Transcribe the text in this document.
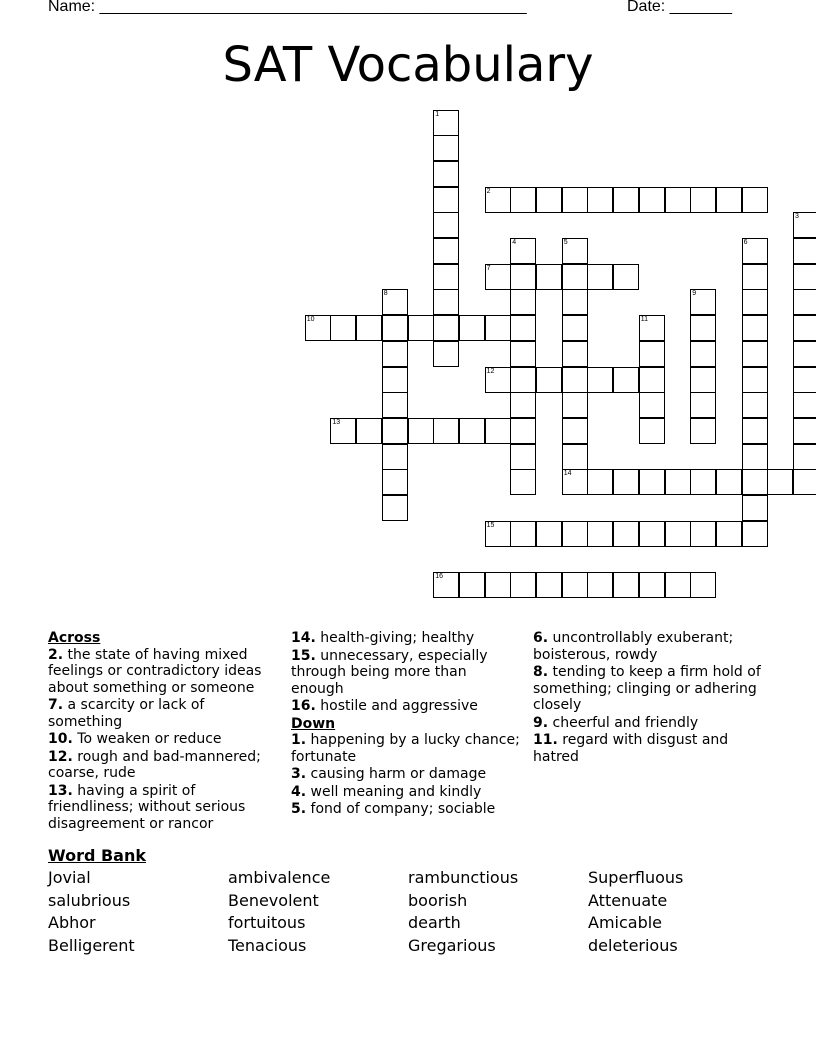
Name: ________________________________________________	Date: _______
SAT Vocabulary
1
2
3
4	5
14
6
7
8	9
10	11
12
13
15
16
Across
2. the state of having mixed feelings or contradictory ideas about something or someone
7. a scarcity or lack of something
10. To weaken or reduce
12. rough and bad-mannered; coarse, rude
13. having a spirit of friendliness; without serious disagreement or rancor
14. health-giving; healthy
15. unnecessary, especially through being more than enough
16. hostile and aggressive
Down
1. happening by a lucky chance; fortunate
3. causing harm or damage
4. well meaning and kindly
5. fond of company; sociable
6. uncontrollably exuberant; boisterous, rowdy
8. tending to keep a firm hold of something; clinging or adhering closely
9. cheerful and friendly
11. regard with disgust and hatred
Word Bank
Jovial	ambivalence	rambunctious	Superfluous
salubrious	Benevolent	boorish	Attenuate
Abhor	fortuitous	dearth	Amicable
Belligerent	Tenacious	Gregarious	deleterious
